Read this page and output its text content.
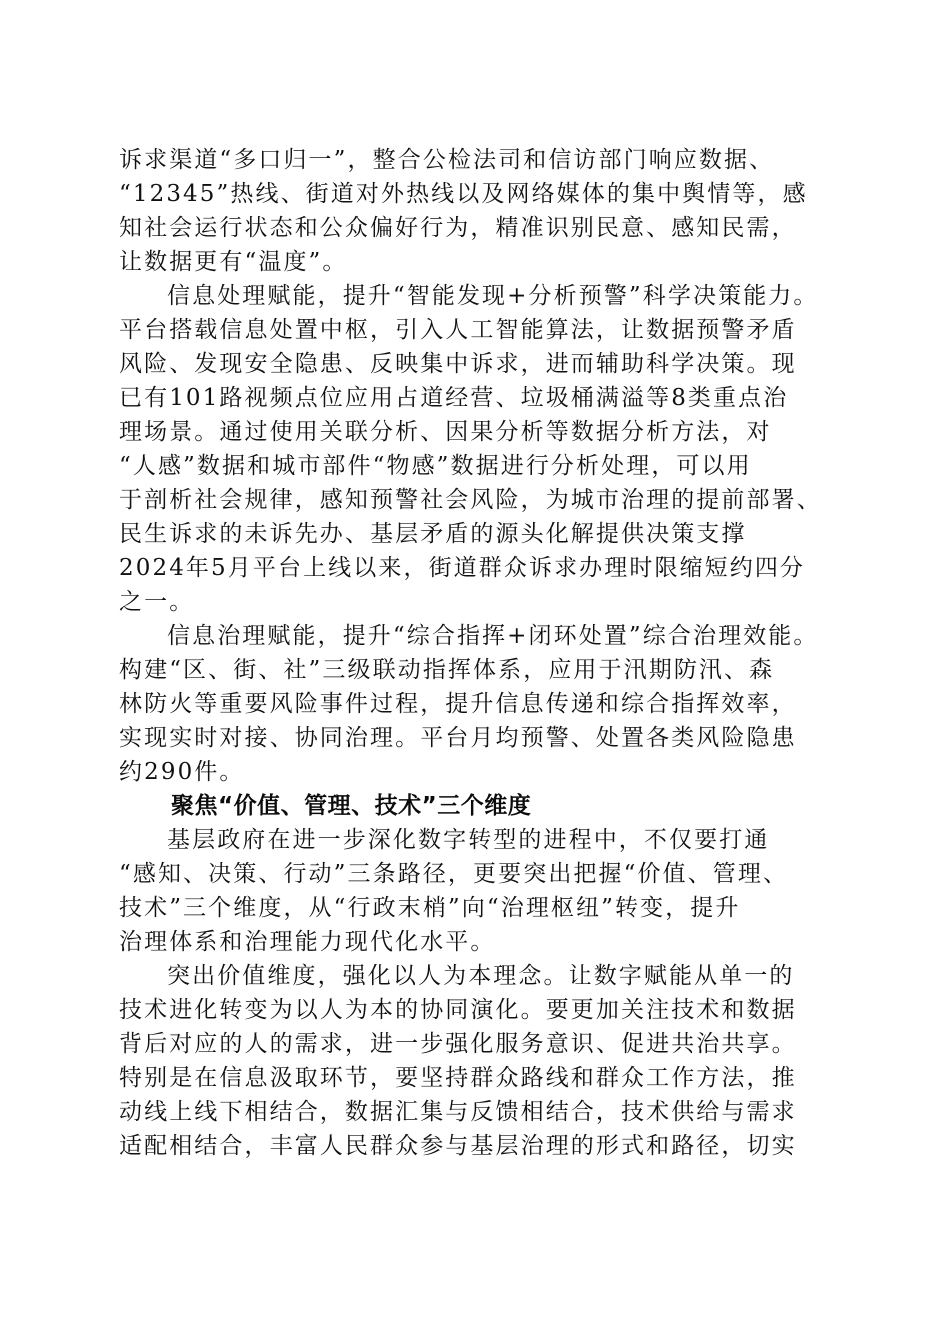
诉求渠道“多口归一”，整合公检法司和信访部门响应数据、
“12345”热线、街道对外热线以及网络媒体的集中舆情等，感
知社会运行状态和公众偏好行为，精准识别民意、感知民需，
让数据更有“温度”。
信息处理赋能，提升“智能发现+分析预警”科学决策能力。
平台搭载信息处置中枢，引入人工智能算法，让数据预警矛盾
风险、发现安全隐患、反映集中诉求，进而辅助科学决策。现
已有101路视频点位应用占道经营、垃圾桶满溢等8类重点治
理场景。通过使用关联分析、因果分析等数据分析方法，对
“人感”数据和城市部件“物感”数据进行分析处理，可以用
于剖析社会规律，感知预警社会风险，为城市治理的提前部署、
民生诉求的未诉先办、基层矛盾的源头化解提供决策支撑
2024年5月平台上线以来，街道群众诉求办理时限缩短约四分
之一。
信息治理赋能，提升“综合指挥+闭环处置”综合治理效能。
构建“区、街、社”三级联动指挥体系，应用于汛期防汛、森
林防火等重要风险事件过程，提升信息传递和综合指挥效率，
实现实时对接、协同治理。平台月均预警、处置各类风险隐患
约290件。
聚焦“价值、管理、技术”三个维度
基层政府在进一步深化数字转型的进程中，不仅要打通
“感知、决策、行动”三条路径，更要突出把握“价值、管理、
技术”三个维度，从“行政末梢”向“治理枢纽”转变，提升
治理体系和治理能力现代化水平。
突出价值维度，强化以人为本理念。让数字赋能从单一的
技术进化转变为以人为本的协同演化。要更加关注技术和数据
背后对应的人的需求，进一步强化服务意识、促进共治共享。
特别是在信息汲取环节，要坚持群众路线和群众工作方法，推
动线上线下相结合，数据汇集与反馈相结合，技术供给与需求
适配相结合，丰富人民群众参与基层治理的形式和路径，切实
